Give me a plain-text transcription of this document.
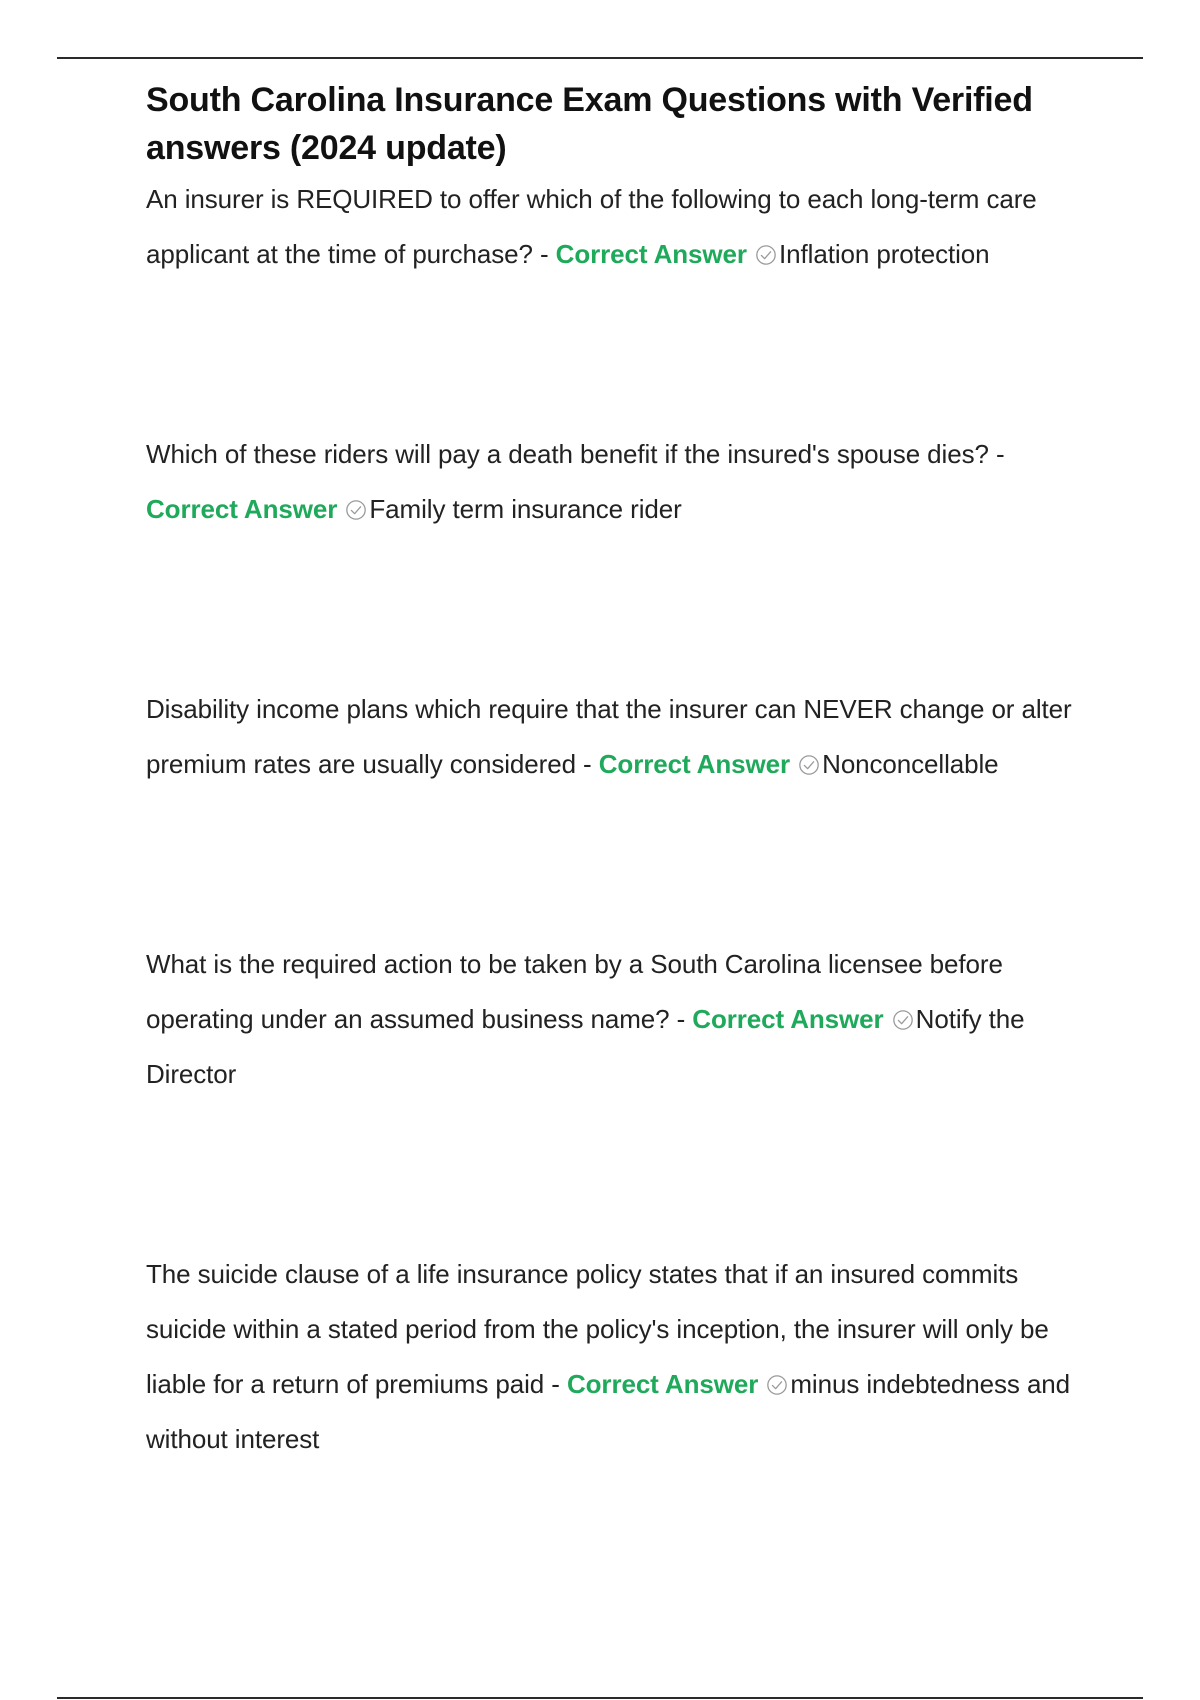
South Carolina Insurance Exam Questions with Verified answers (2024 update)
An insurer is REQUIRED to offer which of the following to each long-term care applicant at the time of purchase? - Correct Answer Inflation protection
Which of these riders will pay a death benefit if the insured's spouse dies? - Correct Answer Family term insurance rider
Disability income plans which require that the insurer can NEVER change or alter premium rates are usually considered - Correct Answer Nonconcellable
What is the required action to be taken by a South Carolina licensee before operating under an assumed business name? - Correct Answer Notify the Director
The suicide clause of a life insurance policy states that if an insured commits suicide within a stated period from the policy's inception, the insurer will only be liable for a return of premiums paid - Correct Answer minus indebtedness and without interest
